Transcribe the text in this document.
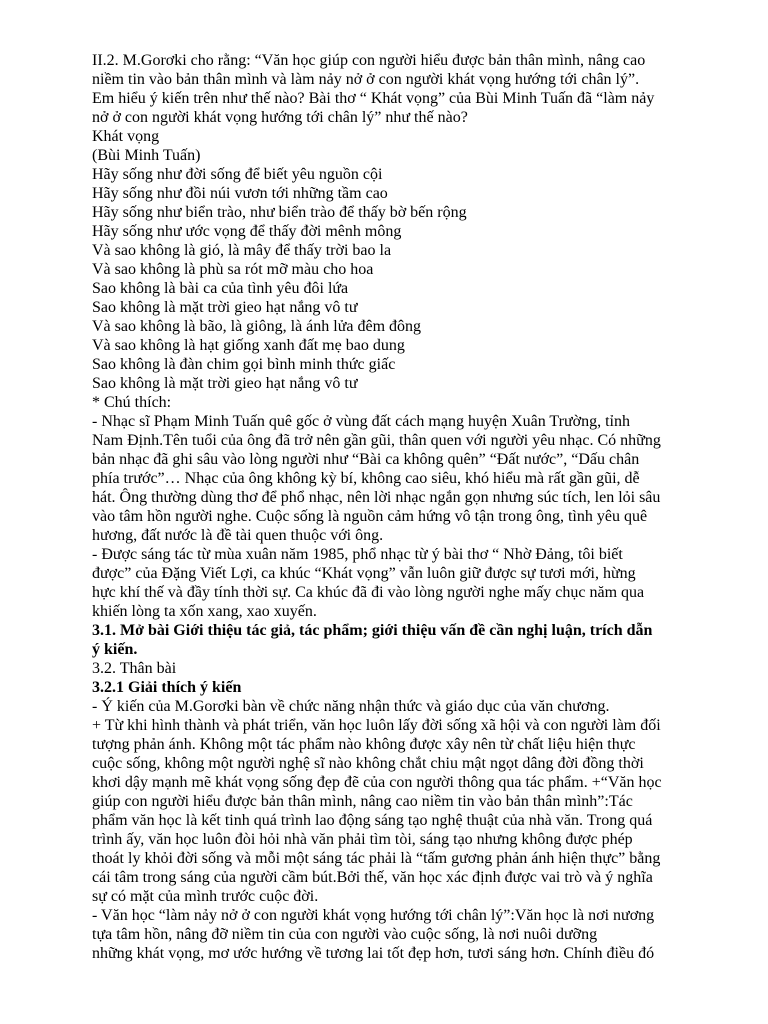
II.2. M.Gorơki cho rằng: “Văn học giúp con người hiểu được bản thân mình, nâng cao
niềm tin vào bản thân mình và làm nảy nở ở con người khát vọng hướng tới chân lý”.
Em hiểu ý kiến trên như thế nào? Bài thơ “ Khát vọng” của Bùi Minh Tuấn đã “làm nảy
nở ở con người khát vọng hướng tới chân lý” như thế nào?
Khát vọng
(Bùi Minh Tuấn)
Hãy sống như đời sống để biết yêu nguồn cội
Hãy sống như đồi núi vươn tới những tầm cao
Hãy sống như biển trào, như biển trào để thấy bờ bến rộng
Hãy sống như ước vọng để thấy đời mênh mông
Và sao không là gió, là mây để thấy trời bao la
Và sao không là phù sa rót mỡ màu cho hoa
Sao không là bài ca của tình yêu đôi lứa
Sao không là mặt trời gieo hạt nắng vô tư
Và sao không là bão, là giông, là ánh lửa đêm đông
Và sao không là hạt giống xanh đất mẹ bao dung
Sao không là đàn chim gọi bình minh thức giấc
Sao không là mặt trời gieo hạt nắng vô tư
* Chú thích:
- Nhạc sĩ Phạm Minh Tuấn quê gốc ở vùng đất cách mạng huyện Xuân Trường, tỉnh
Nam Định.Tên tuổi của ông đã trở nên gần gũi, thân quen với người yêu nhạc. Có những
bản nhạc đã ghi sâu vào lòng người như “Bài ca không quên” “Đất nước”, “Dấu chân
phía trước”… Nhạc của ông không kỳ bí, không cao siêu, khó hiểu mà rất gần gũi, dễ
hát. Ông thường dùng thơ để phổ nhạc, nên lời nhạc ngắn gọn nhưng súc tích, len lỏi sâu
vào tâm hồn người nghe. Cuộc sống là nguồn cảm hứng vô tận trong ông, tình yêu quê
hương, đất nước là đề tài quen thuộc với ông.
- Được sáng tác từ mùa xuân năm 1985, phổ nhạc từ ý bài thơ “ Nhờ Đảng, tôi biết
được” của Đặng Viết Lợi, ca khúc “Khát vọng” vẫn luôn giữ được sự tươi mới, hừng
hực khí thế và đầy tính thời sự. Ca khúc đã đi vào lòng người nghe mấy chục năm qua
khiến lòng ta xốn xang, xao xuyến.
3.1. Mở bài Giới thiệu tác giả, tác phẩm; giới thiệu vấn đề cần nghị luận, trích dẫn
ý kiến.
3.2. Thân bài
3.2.1 Giải thích ý kiến
- Ý kiến của M.Gorơki bàn về chức năng nhận thức và giáo dục của văn chương.
+ Từ khi hình thành và phát triển, văn học luôn lấy đời sống xã hội và con người làm đối
tượng phản ánh. Không một tác phẩm nào không được xây nên từ chất liệu hiện thực
cuộc sống, không một người nghệ sĩ nào không chắt chiu mật ngọt dâng đời đồng thời
khơi dậy mạnh mẽ khát vọng sống đẹp đẽ của con người thông qua tác phẩm. +“Văn học
giúp con người hiểu được bản thân mình, nâng cao niềm tin vào bản thân mình”:Tác
phẩm văn học là kết tinh quá trình lao động sáng tạo nghệ thuật của nhà văn. Trong quá
trình ấy, văn học luôn đòi hỏi nhà văn phải tìm tòi, sáng tạo nhưng không được phép
thoát ly khỏi đời sống và mỗi một sáng tác phải là “tấm gương phản ánh hiện thực” bằng
cái tâm trong sáng của người cầm bút.Bởi thế, văn học xác định được vai trò và ý nghĩa
sự có mặt của mình trước cuộc đời.
- Văn học “làm nảy nở ở con người khát vọng hướng tới chân lý”:Văn học là nơi nương
tựa tâm hồn, nâng đỡ niềm tin của con người vào cuộc sống, là nơi nuôi dưỡng
những khát vọng, mơ ước hướng về tương lai tốt đẹp hơn, tươi sáng hơn. Chính điều đó
